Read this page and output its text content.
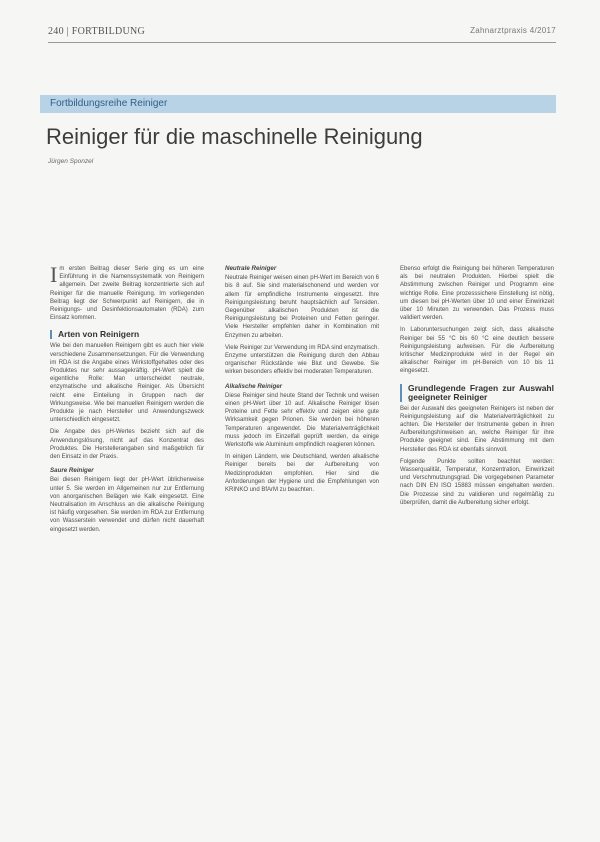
240 | FORTBILDUNG	Zahnarztpraxis 4/2017
Fortbildungsreihe Reiniger
Reiniger für die maschinelle Reinigung
Jürgen Sponzel

Im ersten Beitrag dieser Serie ging es um eine Einführung in die Namenssystematik von Reinigern allgemein. Der zweite Beitrag konzentrierte sich auf Reiniger für die manuelle Reinigung. Im vorliegenden Beitrag liegt der Schwerpunkt auf Reinigern, die in Reinigungs- und Desinfektionsautomaten (RDA) zum Einsatz kommen.

Arten von Reinigern

Wie bei den manuellen Reinigern gibt es auch hier viele verschiedene Zusammensetzungen. Für die Verwendung im RDA ist die Angabe eines Wirkstoffgehaltes oder des Produktes nur sehr aussagekräftig. pH-Wert spielt die eigentliche Rolle: Man unterscheidet neutrale, enzymatische und alkalische Reiniger. Als Übersicht reicht eine Einteilung in Gruppen nach der Wirkungsweise. Wie bei manuellen Reinigern werden die Produkte je nach Hersteller und Anwendungszweck unterschiedlich eingesetzt.

Die Angabe des pH-Wertes bezieht sich auf die Anwendungslösung, nicht auf das Konzentrat des Produktes. Die Herstellerangaben sind maßgeblich für den Einsatz in der Praxis.

Saure Reiniger

Bei diesen Reinigern liegt der pH-Wert üblicherweise unter 5. Sie werden im Allgemeinen nur zur Entfernung von anorganischen Belägen wie Kalk eingesetzt. Eine Neutralisation im Anschluss an die alkalische Reinigung ist häufig vorgesehen. Sie werden im RDA zur Entfernung von Wasserstein verwendet und dürfen nicht dauerhaft eingesetzt werden.

Neutrale Reiniger

Neutrale Reiniger weisen einen pH-Wert im Bereich von 6 bis 8 auf. Sie sind materialschonend und werden vor allem für empfindliche Instrumente eingesetzt. Ihre Reinigungsleistung beruht hauptsächlich auf Tensiden. Gegenüber alkalischen Produkten ist die Reinigungsleistung bei Proteinen und Fetten geringer. Viele Hersteller empfehlen daher in Kombination mit Enzymen zu arbeiten.

Viele Reiniger zur Verwendung im RDA sind enzymatisch. Enzyme unterstützen die Reinigung durch den Abbau organischer Rückstände wie Blut und Gewebe. Sie wirken besonders effektiv bei moderaten Temperaturen.

Alkalische Reiniger

Diese Reiniger sind heute Stand der Technik und weisen einen pH-Wert über 10 auf. Alkalische Reiniger lösen Proteine und Fette sehr effektiv und zeigen eine gute Wirksamkeit gegen Prionen. Sie werden bei höheren Temperaturen angewendet. Die Materialverträglichkeit muss jedoch im Einzelfall geprüft werden, da einige Werkstoffe wie Aluminium empfindlich reagieren können.

In einigen Ländern, wie Deutschland, werden alkalische Reiniger bereits bei der Aufbereitung von Medizinprodukten empfohlen. Hier sind die Anforderungen der Hygiene und die Empfehlungen von KRINKO und BfArM zu beachten.

Ebenso erfolgt die Reinigung bei höheren Temperaturen als bei neutralen Produkten. Hierbei spielt die Abstimmung zwischen Reiniger und Programm eine wichtige Rolle. Eine prozesssichere Einstellung ist nötig, um diesen bei pH-Werten über 10 und einer Einwirkzeit über 10 Minuten zu verwenden. Das Prozess muss validiert werden.

In Laboruntersuchungen zeigt sich, dass alkalische Reiniger bei 55 °C bis 60 °C eine deutlich bessere Reinigungsleistung aufweisen. Für die Aufbereitung kritischer Medizinprodukte wird in der Regel ein alkalischer Reiniger im pH-Bereich von 10 bis 11 eingesetzt.

Grundlegende Fragen zur Auswahl geeigneter Reiniger

Bei der Auswahl des geeigneten Reinigers ist neben der Reinigungsleistung auf die Materialverträglichkeit zu achten. Die Hersteller der Instrumente geben in ihren Aufbereitungshinweisen an, welche Reiniger für ihre Produkte geeignet sind. Eine Abstimmung mit dem Hersteller des RDA ist ebenfalls sinnvoll.

Folgende Punkte sollten beachtet werden: Wasserqualität, Temperatur, Konzentration, Einwirkzeit und Verschmutzungsgrad. Die vorgegebenen Parameter nach DIN EN ISO 15883 müssen eingehalten werden. Die Prozesse sind zu validieren und regelmäßig zu überprüfen, damit die Aufbereitung sicher erfolgt.
